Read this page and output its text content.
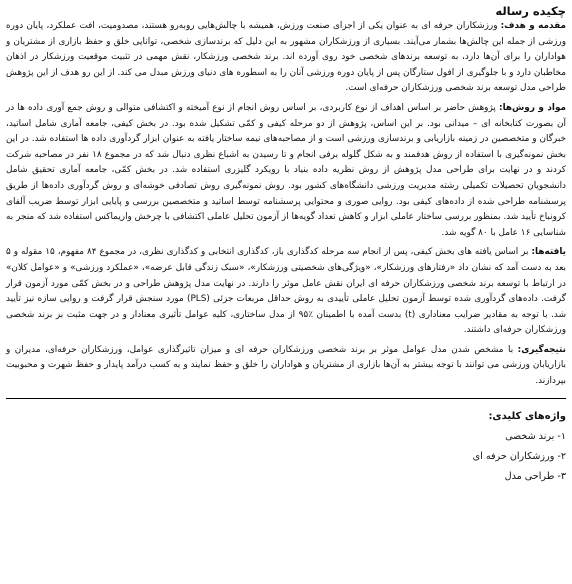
چکیده رساله

مقدمه و هدف: ورزشکاران حرفه ای به عنوان یکی از اجزای صنعت ورزش، همیشه با چالش‌هایی روبه‌رو هستند، مصدومیت، افت عملکرد، پایان دوره ورزشی از جمله این چالش‌ها بشمار می‌آیند. بسیاری از ورزشکاران مشهور به این دلیل که برندسازی شخصی، توانایی خلق و حفظ بازاری از مشتریان و هواداران را برای آن‌ها دارد، به توسعه برندهای شخصی خود روی آورده اند. برند شخصی ورزشکار، نقش مهمی در تثبیت موقعیت ورزشکار در اذهان مخاطبان دارد و با جلوگیری از افول ستارگان پس از پایان دوره ورزشی آنان را به اسطوره های دنیای ورزش مبدل می کند. از این رو هدف از این پژوهش طراحی مدل توسعه برند شخصی ورزشکاران حرفه‌ای است.

مواد و روش‌ها: پژوهش حاضر بر اساس اهداف از نوع کاربردی، بر اساس روش انجام از نوع آمیخته و اکتشافی متوالی و روش جمع آوری داده ها در آن بصورت کتابخانه ای – میدانی بود. بر این اساس، پژوهش از دو مرحله کیفی و کمّی تشکیل شده بود. در بخش کیفی، جامعه آماری شامل اساتید، خبرگان و متخصصین در زمینه بازاریابی و برندسازی ورزشی است و از مصاحبه‌های نیمه ساختار یافته به عنوان ابزار گردآوری داده ها استفاده شد. در این بخش نمونه‌گیری با استفاده از روش هدفمند و به شکل گلوله برفی انجام و تا رسیدن به اشباع نظری دنبال شد که در مجموع ۱۸ نفر در مصاحبه شرکت کردند و در نهایت برای طراحی مدل پژوهش از روش نظریه داده بنیاد با رویکرد گلیزری استفاده شد. در بخش کمّی، جامعه آماری تحقیق شامل دانشجویان تحصیلات تکمیلی رشته مدیریت ورزشی دانشگاه‌های کشور بود. روش نمونه‌گیری روش تصادفی خوشه‌ای و روش گردآوری داده‌ها از طریق پرسشنامه طراحی شده از داده‌های کیفی بود. روایی صوری و محتوایی پرسشنامه توسط اساتید و متخصصین بررسی و پایایی ابزار توسط ضریب آلفای کرونباخ تأیید شد. بمنظور بررسی ساختار عاملی ابزار و کاهش تعداد گویه‌ها از آزمون تحلیل عاملی اکتشافی با چرخش واریماکس استفاده شد که منجر به شناسایی ۱۶ عامل با ۸۰ گویه شد.

یافته‌ها: بر اساس یافته های بخش کیفی، پس از انجام سه مرحله کدگذاری باز، کدگذاری انتخابی و کدگذاری نظری، در مجموع ۸۴ مفهوم، ۱۵ مقوله و ۵ بعد به دست آمد که نشان داد «رفتارهای ورزشکار»، «ویژگی‌های شخصیتی ورزشکار»، «سبک زندگی قابل عرضه»، «عملکرد ورزشی» و «عوامل کلان» در ارتباط با توسعه برند شخصی ورزشکاران حرفه ای ایران نقش عامل موثر را دارند. در نهایت مدل پژوهش طراحی و در بخش کمّی مورد آزمون قرار گرفت. داده‌های گردآوری شده توسط آزمون تحلیل عاملی تأییدی به روش حداقل مربعات جزئی (PLS) مورد سنجش قرار گرفت و روایی سازه نیز تأیید شد. با توجه به مقادیر ضرایب معناداری (t) بدست آمده با اطمینان ٪۹۵ از مدل ساختاری، کلیه عوامل تأثیری معنادار و در جهت مثبت بر برند شخصی ورزشکاران حرفه‌ای داشتند.

نتیجه‌گیری: با مشخص شدن مدل عوامل موثر بر برند شخصی ورزشکاران حرفه ای و میزان تاثیرگذاری عوامل، ورزشکاران حرفه‌ای، مدیران و بازاریابان ورزشی می توانند با توجه بیشتر به آن‌ها بازاری از مشتریان و هواداران را خلق و حفظ نمایند و به کسب درآمد پایدار و حفظ شهرت و محبوبیت بپردازند.

واژه‌های کلیدی:
۱- برند شخصی
۲- ورزشکاران حرفه ای
۳- طراحی مدل
